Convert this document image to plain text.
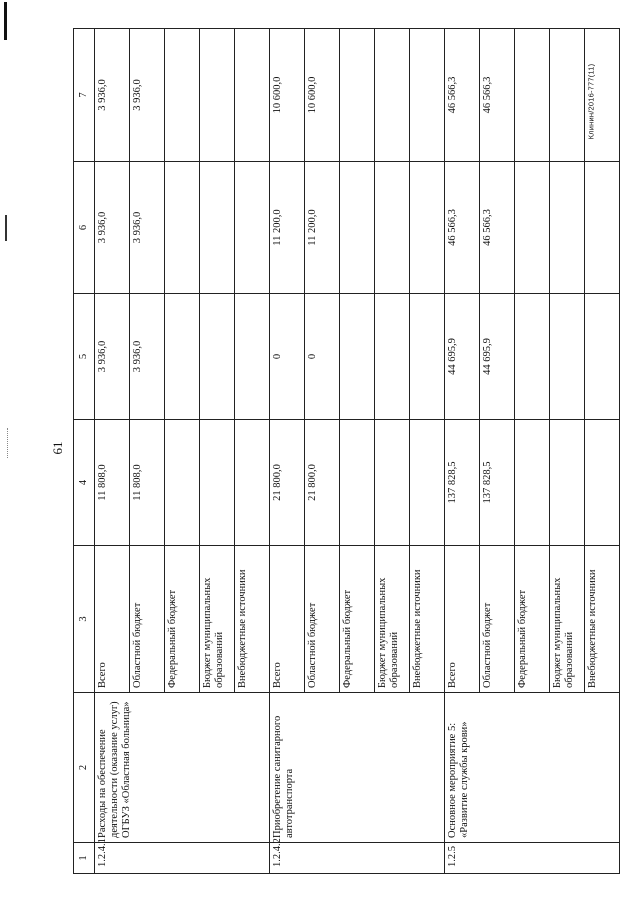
61
Клинин/2016-777(11)
1	2	3	4	5	6	7
1.2.4.1	Расходы на обеспечение деятельности (оказание услуг) ОГБУЗ «Областная больница»	Всего	11 808,0	3 936,0	3 936,0	3 936,0
		Областной бюджет	11 808,0	3 936,0	3 936,0	3 936,0
		Федеральный бюджет				
		Бюджет муниципальных образований				
		Внебюджетные источники				
1.2.4.2	Приобретение санитарного автотранспорта	Всего	21 800,0	0	11 200,0	10 600,0
		Областной бюджет	21 800,0	0	11 200,0	10 600,0
		Федеральный бюджет				
		Бюджет муниципальных образований				
		Внебюджетные источники				
1.2.5	Основное мероприятие 5: «Развитие службы крови»	Всего	137 828,5	44 695,9	46 566,3	46 566,3
		Областной бюджет	137 828,5	44 695,9	46 566,3	46 566,3
		Федеральный бюджет				
		Бюджет муниципальных образований				
		Внебюджетные источники				
